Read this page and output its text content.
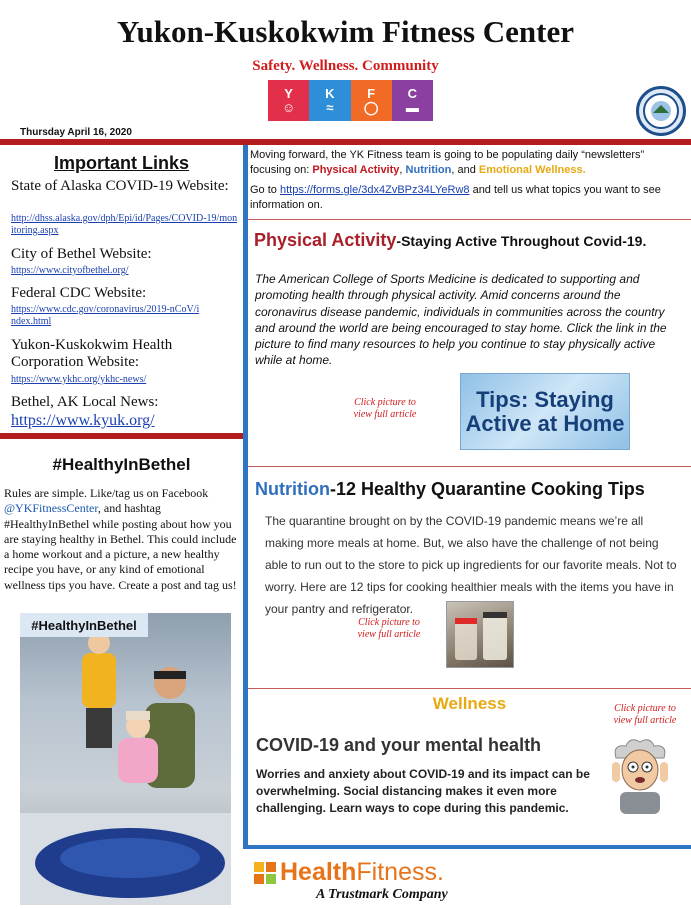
Yukon-Kuskokwim Fitness Center
Safety. Wellness. Community
Y
☺
K
≈
F
◯
C
▬
Thursday April 16, 2020
Important Links
State of Alaska COVID-19 Website:
http://dhss.alaska.gov/dph/Epi/id/Pages/COVID-19/monitoring.aspx
City of Bethel Website:
https://www.cityofbethel.org/
Federal CDC Website:
https://www.cdc.gov/coronavirus/2019-nCoV/index.html
Yukon-Kuskokwim Health Corporation Website:
https://www.ykhc.org/ykhc-news/
Bethel, AK Local News:
https://www.kyuk.org/
#HealthyInBethel
Rules are simple. Like/tag us on Facebook @YKFitnessCenter, and hashtag #HealthyInBethel while posting about how you are staying healthy in Bethel. This could include a home workout and a picture, a new healthy recipe you have, or any kind of emotional wellness tips you have. Create a post and tag us!
#HealthyInBethel
Moving forward, the YK Fitness team is going to be populating daily “newsletters” focusing on: Physical Activity, Nutrition, and Emotional Wellness.
Go to https://forms.gle/3dx4ZvBPz34LYeRw8 and tell us what topics you want to see information on.
Physical Activity-Staying Active Throughout Covid-19.
The American College of Sports Medicine is dedicated to supporting and promoting health through physical activity. Amid concerns around the coronavirus disease pandemic, individuals in communities across the country and around the world are being encouraged to stay home. Click the link in the picture to find many resources to help you continue to stay physically active while at home.
Click picture to view full article
Tips: Staying Active at Home
Nutrition-12 Healthy Quarantine Cooking Tips
The quarantine brought on by the COVID-19 pandemic means we’re all making more meals at home. But, we also have the challenge of not being able to run out to the store to pick up ingredients for our favorite meals. Not to worry. Here are 12 tips for cooking healthier meals with the items you have in your pantry and refrigerator.
Click picture to view full article
Wellness
COVID-19 and your mental health
Worries and anxiety about COVID-19 and its impact can be overwhelming. Social distancing makes it even more challenging. Learn ways to cope during this pandemic.
Click picture to view full article
HealthFitness.
A Trustmark Company
